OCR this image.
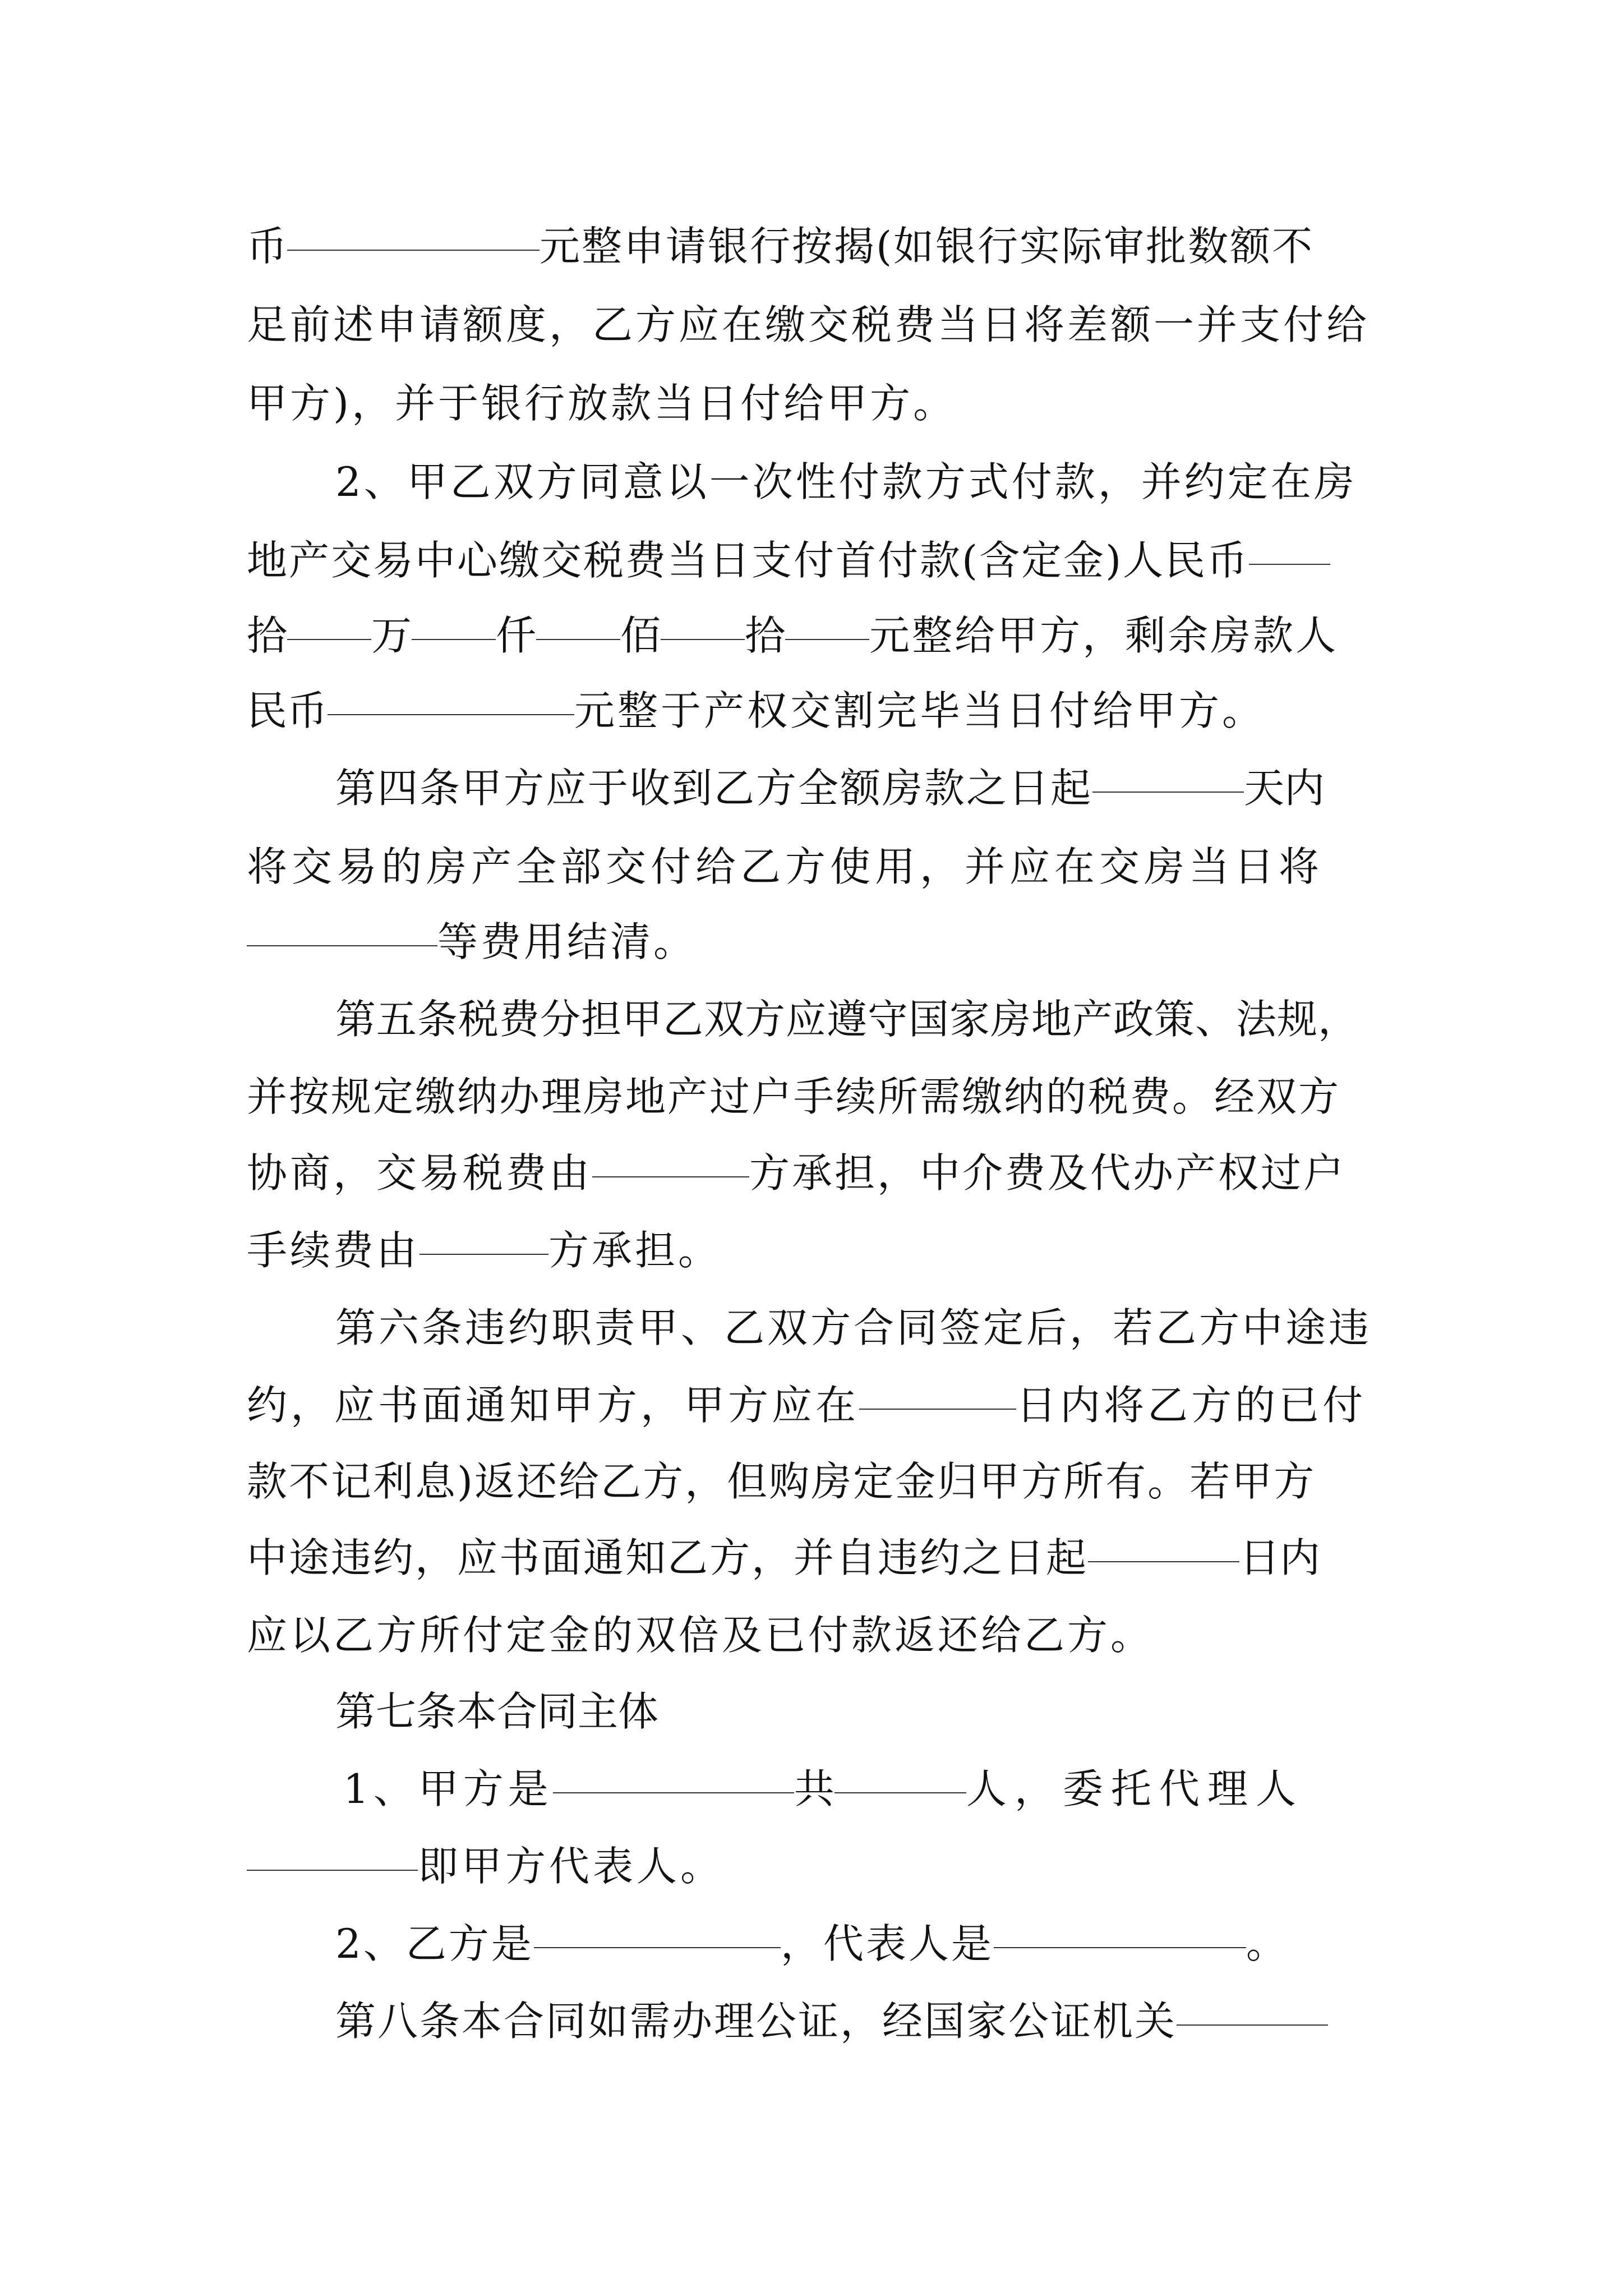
币	元整申请银行按揭(如银行实际审批数额不
足前述申请额度，乙方应在缴交税费当日将差额一并支付给
甲方)，并于银行放款当日付给甲方。
2、甲乙双方同意以一次性付款方式付款，并约定在房
地产交易中心缴交税费当日支付首付款(含定金)人民币
拾 万 仟 佰 拾 元整给甲方，剩余房款人
民币	元整于产权交割完毕当日付给甲方。
第四条甲方应于收到乙方全额房款之日起	天内
将交易的房产全部交付给乙方使用，并应在交房当日将
等费用结清。
第五条税费分担甲乙双方应遵守国家房地产政策、法规，
并按规定缴纳办理房地产过户手续所需缴纳的税费。经双方
协商，交易税费由	方承担，中介费及代办产权过户
手续费由	方承担。
第六条违约职责甲、乙双方合同签定后，若乙方中途违
约，应书面通知甲方，甲方应在	日内将乙方的已付
款不记利息)返还给乙方，但购房定金归甲方所有。若甲方
中途违约，应书面通知乙方，并自违约之日起	日内
应以乙方所付定金的双倍及已付款返还给乙方。
第七条本合同主体
1、甲方是	共	人，委托代理人
即甲方代表人。
2、乙方是	，代表人是	。
第八条本合同如需办理公证，经国家公证机关
